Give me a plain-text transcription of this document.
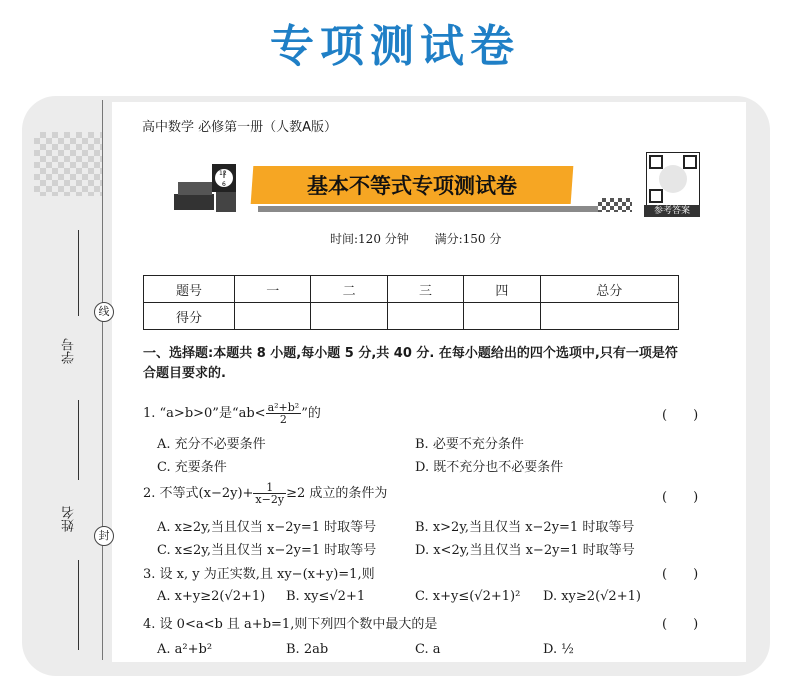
专项测试卷
学号
线
姓名
封
高中数学 必修第一册（人教A版）
12
6	基本不等式专项测试卷
参考答案
时间:120 分钟 满分:150 分
题号	一	二	三	四	总分
得分					
一、选择题:本题共 8 小题,每小题 5 分,共 40 分. 在每小题给出的四个选项中,只有一项是符合题目要求的.
1. “a>b>0”是“$ab< \frac{\text{a²+b²}}{2}$ ”的	(　　)
A. 充分不必要条件	B. 必要不充分条件
C. 充要条件	D. 既不充分也不必要条件
2. 不等式$(x-2y)+ \frac{1}{x-2y} \ge 2$ 成立的条件为	(　　)
A. x≥2y,当且仅当 x−2y=1 时取等号	B. x>2y,当且仅当 x−2y=1 时取等号
C. x≤2y,当且仅当 x−2y=1 时取等号	D. x<2y,当且仅当 x−2y=1 时取等号
3. 设 x, y 为正实数,且 xy−(x+y)=1,则	(　　)
A. x+y≥2(√2+1) B. xy≤√2+1	C. x+y≤(√2+1)² D. xy≥2(√2+1)
4. 设 0<a<b 且 a+b=1,则下列四个数中最大的是	(　　)
A. a²+b²	B. 2ab	C. a	D. ½
